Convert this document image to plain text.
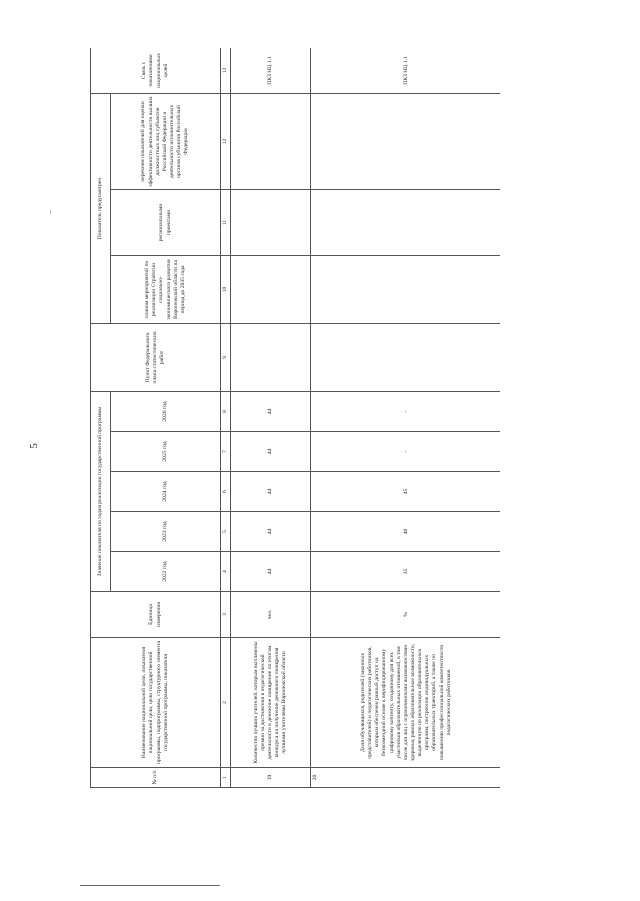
5
№ п/п	Наименование национальной цели, показателя национальной цели, цели государственной программы, подпрограммы, структурного элемента государственной программы, показателя	Единица измерения	Значение показателя по годам реализации государственной программы					Пункт Федерального плана статистических работ	Показатель предусмотрен			Связь с показателями национальных целей
			2022 год	2023 год	2024 год	2025 год	2026 год		планом мероприятий по реализации Стратегии социально-экономического развития Воронежской области на период до 2035 года	региональными проектами	перечнем показателей для оценки эффективности деятельности высших должностных лиц субъектов Российской Федерации и деятельности исполнительных органов субъектов Российской Федерации	
1	2	3	4	5	6	7	8	9	10	11	12	13
19	Количество лучших учителей, которым выплачены премии за достижения в педагогической деятельности в денежное поощрение по итогам конкурса на получение денежного поощрения лучшими учителями Воронежской области	чел.	44	44	44	44	44					ПКЗ НЦ 1.1
20	Доля обучающихся, родителей (законных представителей) и педагогических работников, которым обеспечен равный доступ на безвозмездной основе к верифицированному цифровому контенту, созданному для всех участников образовательных отношений, в том числе для лиц с ограниченными возможностями здоровья, равных образовательные возможности, выделенную по реализации образовательных программ, построение индивидуальных образовательных траекторий, а также по повышению профессиональной компетентности педагогических работников	%	35	40	45	-	-					ПКЗ НЦ 1.1
